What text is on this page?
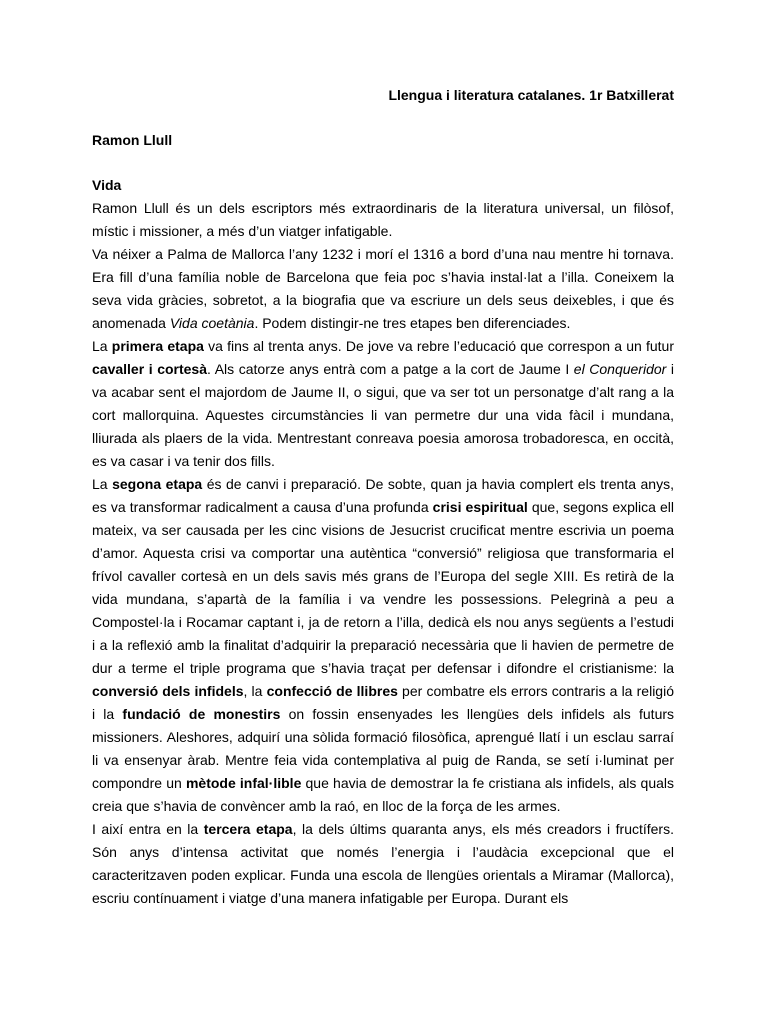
Llengua i literatura catalanes. 1r Batxillerat

Ramon Llull

Vida

Ramon Llull és un dels escriptors més extraordinaris de la literatura universal, un filòsof, místic i missioner, a més d’un viatger infatigable.

Va néixer a Palma de Mallorca l’any 1232 i morí el 1316 a bord d’una nau mentre hi tornava. Era fill d’una família noble de Barcelona que feia poc s’havia instal·lat a l’illa. Coneixem la seva vida gràcies, sobretot, a la biografia que va escriure un dels seus deixebles, i que és anomenada Vida coetània. Podem distingir-ne tres etapes ben diferenciades.

La primera etapa va fins al trenta anys. De jove va rebre l’educació que correspon a un futur cavaller i cortesà. Als catorze anys entrà com a patge a la cort de Jaume I el Conqueridor i va acabar sent el majordom de Jaume II, o sigui, que va ser tot un personatge d’alt rang a la cort mallorquina. Aquestes circumstàncies li van permetre dur una vida fàcil i mundana, lliurada als plaers de la vida. Mentrestant conreava poesia amorosa trobadoresca, en occità, es va casar i va tenir dos fills.

La segona etapa és de canvi i preparació. De sobte, quan ja havia complert els trenta anys, es va transformar radicalment a causa d’una profunda crisi espiritual que, segons explica ell mateix, va ser causada per les cinc visions de Jesucrist crucificat mentre escrivia un poema d’amor. Aquesta crisi va comportar una autèntica “conversió” religiosa que transformaria el frívol cavaller cortesà en un dels savis més grans de l’Europa del segle XIII. Es retirà de la vida mundana, s’apartà de la família i va vendre les possessions. Pelegrinà a peu a Compostel·la i Rocamar captant i, ja de retorn a l’illa, dedicà els nou anys següents a l’estudi i a la reflexió amb la finalitat d’adquirir la preparació necessària que li havien de permetre de dur a terme el triple programa que s’havia traçat per defensar i difondre el cristianisme: la conversió dels infidels, la confecció de llibres per combatre els errors contraris a la religió i la fundació de monestirs on fossin ensenyades les llengües dels infidels als futurs missioners. Aleshores, adquirí una sòlida formació filosòfica, aprengué llatí i un esclau sarraí li va ensenyar àrab. Mentre feia vida contemplativa al puig de Randa, se setí i·luminat per compondre un mètode infal·lible que havia de demostrar la fe cristiana als infidels, als quals creia que s’havia de convèncer amb la raó, en lloc de la força de les armes.

I així entra en la tercera etapa, la dels últims quaranta anys, els més creadors i fructífers. Són anys d’intensa activitat que només l’energia i l’audàcia excepcional que el caracteritzaven poden explicar. Funda una escola de llengües orientals a Miramar (Mallorca), escriu contínuament i viatge d’una manera infatigable per Europa. Durant els
